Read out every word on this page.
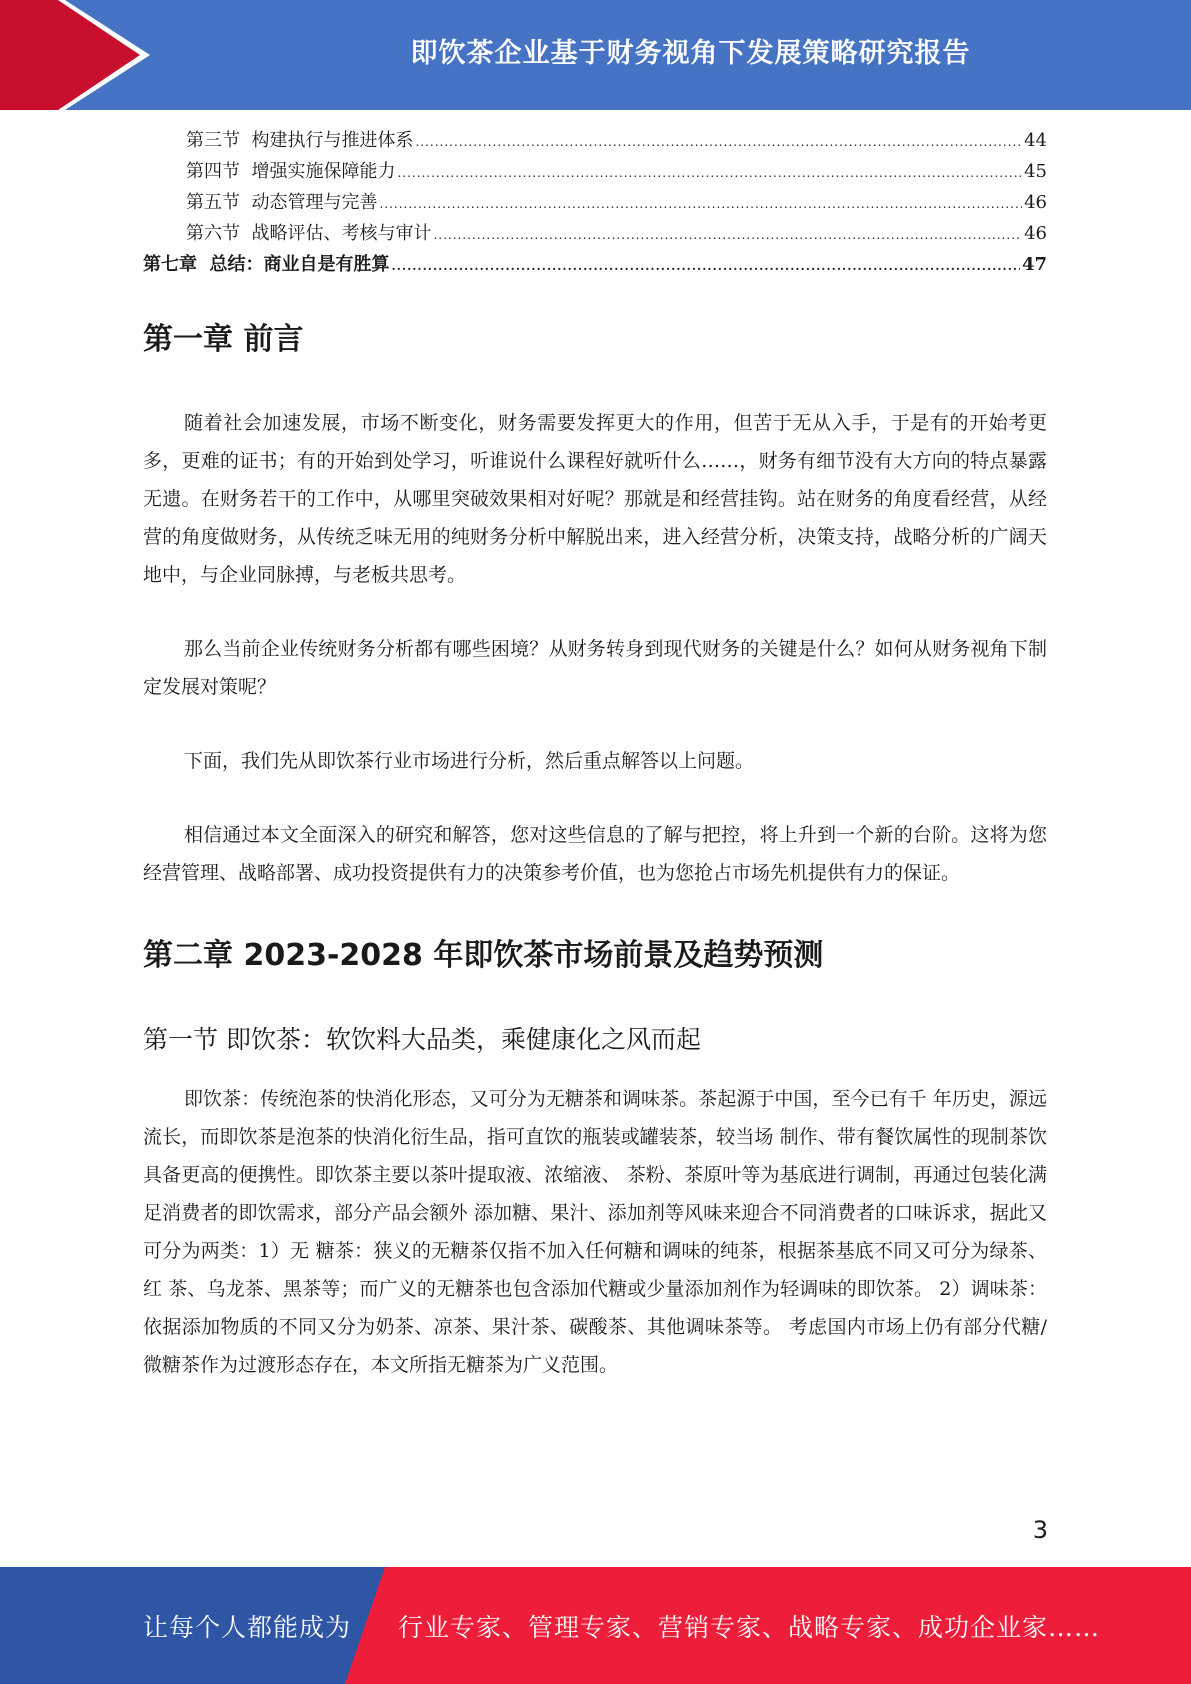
即饮茶企业基于财务视角下发展策略研究报告
第三节  构建执行与推进体系 .....	44
第四节  增强实施保障能力 .....	45
第五节  动态管理与完善 .....	46
第六节  战略评估、考核与审计 .....	46
第七章  总结：商业自是有胜算 .....	47
第一章 前言

随着社会加速发展，市场不断变化，财务需要发挥更大的作用，但苦于无从入手，于是有的开始考更多，更难的证书；有的开始到处学习，听谁说什么课程好就听什么……，财务有细节没有大方向的特点暴露无遗。在财务若干的工作中，从哪里突破效果相对好呢？那就是和经营挂钩。站在财务的角度看经营，从经营的角度做财务，从传统乏味无用的纯财务分析中解脱出来，进入经营分析，决策支持，战略分析的广阔天地中，与企业同脉搏，与老板共思考。

那么当前企业传统财务分析都有哪些困境？从财务转身到现代财务的关键是什么？如何从财务视角下制定发展对策呢？

下面，我们先从即饮茶行业市场进行分析，然后重点解答以上问题。

相信通过本文全面深入的研究和解答，您对这些信息的了解与把控，将上升到一个新的台阶。这将为您经营管理、战略部署、成功投资提供有力的决策参考价值，也为您抢占市场先机提供有力的保证。

第二章 2023-2028 年即饮茶市场前景及趋势预测
第一节 即饮茶：软饮料大品类，乘健康化之风而起

即饮茶：传统泡茶的快消化形态，又可分为无糖茶和调味茶。茶起源于中国，至今已有千 年历史，源远流长，而即饮茶是泡茶的快消化衍生品，指可直饮的瓶装或罐装茶，较当场 制作、带有餐饮属性的现制茶饮具备更高的便携性。即饮茶主要以茶叶提取液、浓缩液、 茶粉、茶原叶等为基底进行调制，再通过包装化满足消费者的即饮需求，部分产品会额外 添加糖、果汁、添加剂等风味来迎合不同消费者的口味诉求，据此又可分为两类：1）无 糖茶：狭义的无糖茶仅指不加入任何糖和调味的纯茶，根据茶基底不同又可分为绿茶、红 茶、乌龙茶、黑茶等；而广义的无糖茶也包含添加代糖或少量添加剂作为轻调味的即饮茶。 2）调味茶：依据添加物质的不同又分为奶茶、凉茶、果汁茶、碳酸茶、其他调味茶等。 考虑国内市场上仍有部分代糖/微糖茶作为过渡形态存在，本文所指无糖茶为广义范围。

3
让每个人都能成为 行业专家、管理专家、营销专家、战略专家、成功企业家……
